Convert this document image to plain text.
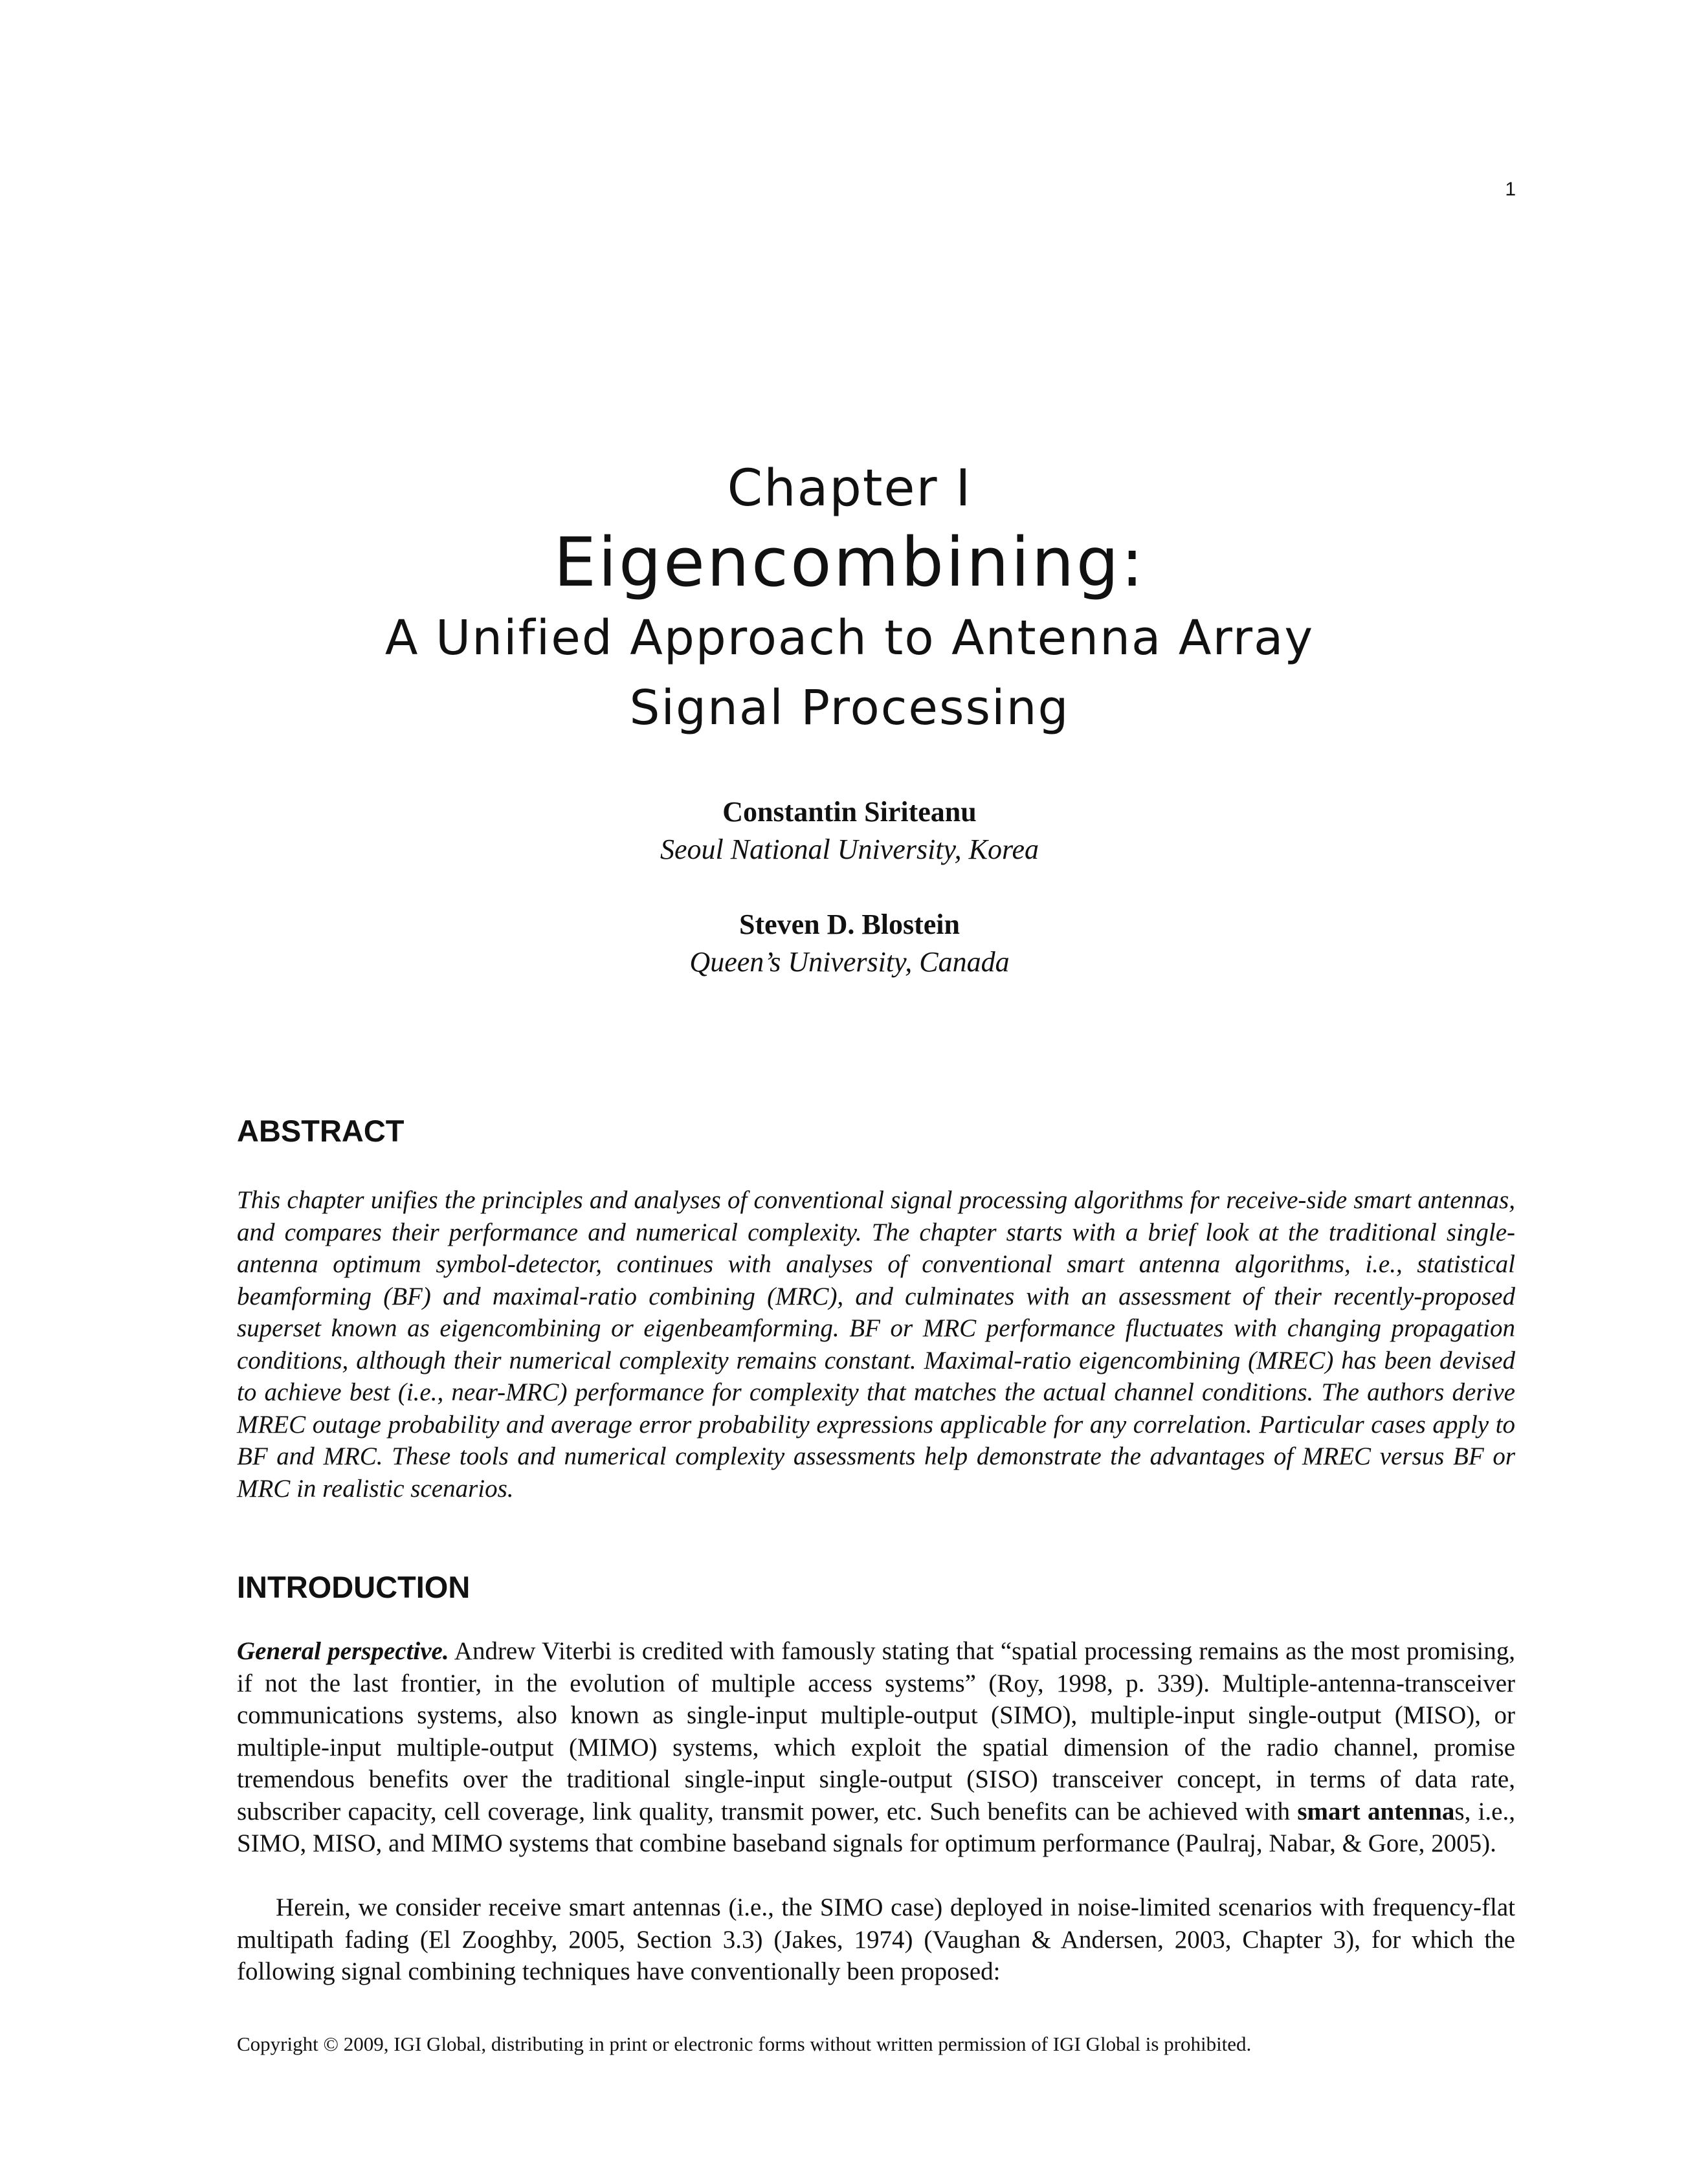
1
Chapter I
Eigencombining:
A Unified Approach to Antenna Array
Signal Processing
Constantin Siriteanu
Seoul National University, Korea
Steven D. Blostein
Queen’s University, Canada
ABSTRACT

This chapter unifies the principles and analyses of conventional signal processing algorithms for receive-side smart antennas, and compares their performance and numerical complexity. The chapter starts with a brief look at the traditional single-antenna optimum symbol-detector, continues with analyses of conventional smart antenna algorithms, i.e., statistical beamforming (BF) and maximal-ratio combining (MRC), and culminates with an assessment of their recently-proposed superset known as eigencombining or eigenbeamforming. BF or MRC performance fluctuates with changing propagation conditions, although their numerical complexity remains constant. Maximal-ratio eigencombining (MREC) has been devised to achieve best (i.e., near-MRC) performance for complexity that matches the actual channel conditions. The authors derive MREC outage probability and average error probability expressions applicable for any correlation. Particular cases apply to BF and MRC. These tools and numerical complexity assessments help demonstrate the advantages of MREC versus BF or MRC in realistic scenarios.

INTRODUCTION

General perspective. Andrew Viterbi is credited with famously stating that “spatial processing remains as the most promising, if not the last frontier, in the evolution of multiple access systems” (Roy, 1998, p. 339). Multiple-antenna-transceiver communications systems, also known as single-input multiple-output (SIMO), multiple-input single-output (MISO), or multiple-input multiple-output (MIMO) systems, which exploit the spatial dimension of the radio channel, promise tremendous benefits over the traditional single-input single-output (SISO) transceiver concept, in terms of data rate, subscriber capacity, cell coverage, link quality, transmit power, etc. Such benefits can be achieved with smart antennas, i.e., SIMO, MISO, and MIMO systems that combine baseband signals for optimum performance (Paulraj, Nabar, & Gore, 2005).

Herein, we consider receive smart antennas (i.e., the SIMO case) deployed in noise-limited scenarios with frequency-flat multipath fading (El Zooghby, 2005, Section 3.3) (Jakes, 1974) (Vaughan & Andersen, 2003, Chapter 3), for which the following signal combining techniques have conventionally been proposed:

Copyright © 2009, IGI Global, distributing in print or electronic forms without written permission of IGI Global is prohibited.
